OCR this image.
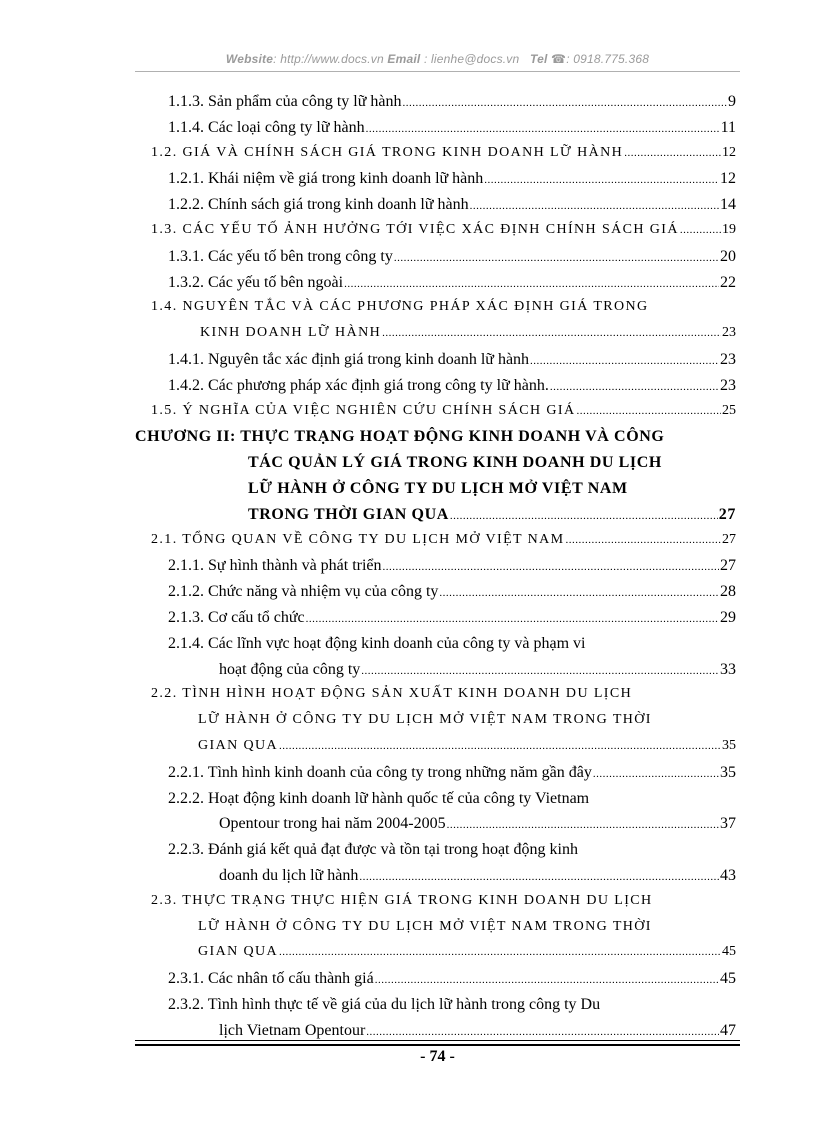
Website: http://www.docs.vn Email : lienhe@docs.vn Tel ☎: 0918.775.368
1.1.3. Sản phẩm của công ty lữ hành .....	9
1.1.4. Các loại công ty lữ hành .....	11
1.2. GIÁ VÀ CHÍNH SÁCH GIÁ TRONG KINH DOANH LỮ HÀNH .....	12
1.2.1. Khái niệm về giá trong kinh doanh lữ hành .....	12
1.2.2. Chính sách giá trong kinh doanh lữ hành .....	14
1.3. CÁC YẾU TỐ ẢNH HƯỞNG TỚI VIỆC XÁC ĐỊNH CHÍNH SÁCH GIÁ .....	19
1.3.1. Các yếu tố bên trong công ty .....	20
1.3.2. Các yếu tố bên ngoài .....	22
1.4. NGUYÊN TẮC VÀ CÁC PHƯƠNG PHÁP XÁC ĐỊNH GIÁ TRONG
KINH DOANH LỮ HÀNH .....	23
1.4.1. Nguyên tắc xác định giá trong kinh doanh lữ hành .....	23
1.4.2. Các phương pháp xác định giá trong công ty lữ hành. .....	23
1.5. Ý NGHĨA CỦA VIỆC NGHIÊN CỨU CHÍNH SÁCH GIÁ .....	25
CHƯƠNG II: THỰC TRẠNG HOẠT ĐỘNG KINH DOANH VÀ CÔNG
TÁC QUẢN LÝ GIÁ TRONG KINH DOANH DU LỊCH
LỮ HÀNH Ở CÔNG TY DU LỊCH MỞ VIỆT NAM
TRONG THỜI GIAN QUA .....	27
2.1. TỔNG QUAN VỀ CÔNG TY DU LỊCH MỞ VIỆT NAM .....	27
2.1.1. Sự hình thành và phát triển .....	27
2.1.2. Chức năng và nhiệm vụ của công ty .....	28
2.1.3. Cơ cấu tổ chức .....	29
2.1.4. Các lĩnh vực hoạt động kinh doanh của công ty và phạm vi
hoạt động của công ty .....	33
2.2. TÌNH HÌNH HOẠT ĐỘNG SẢN XUẤT KINH DOANH DU LỊCH
LỮ HÀNH Ở CÔNG TY DU LỊCH MỞ VIỆT NAM TRONG THỜI
GIAN QUA .....	35
2.2.1. Tình hình kinh doanh của công ty trong những năm gần đây .....	35
2.2.2. Hoạt động kinh doanh lữ hành quốc tế của công ty Vietnam
Opentour trong hai năm 2004-2005 .....	37
2.2.3. Đánh giá kết quả đạt được và tồn tại trong hoạt động kinh
doanh du lịch lữ hành .....	43
2.3. THỰC TRẠNG THỰC HIỆN GIÁ TRONG KINH DOANH DU LỊCH
LỮ HÀNH Ở CÔNG TY DU LỊCH MỞ VIỆT NAM TRONG THỜI
GIAN QUA .....	45
2.3.1. Các nhân tố cấu thành giá .....	45
2.3.2. Tình hình thực tế về giá của du lịch lữ hành trong công ty Du
lịch Vietnam Opentour .....	47
- 74 -
